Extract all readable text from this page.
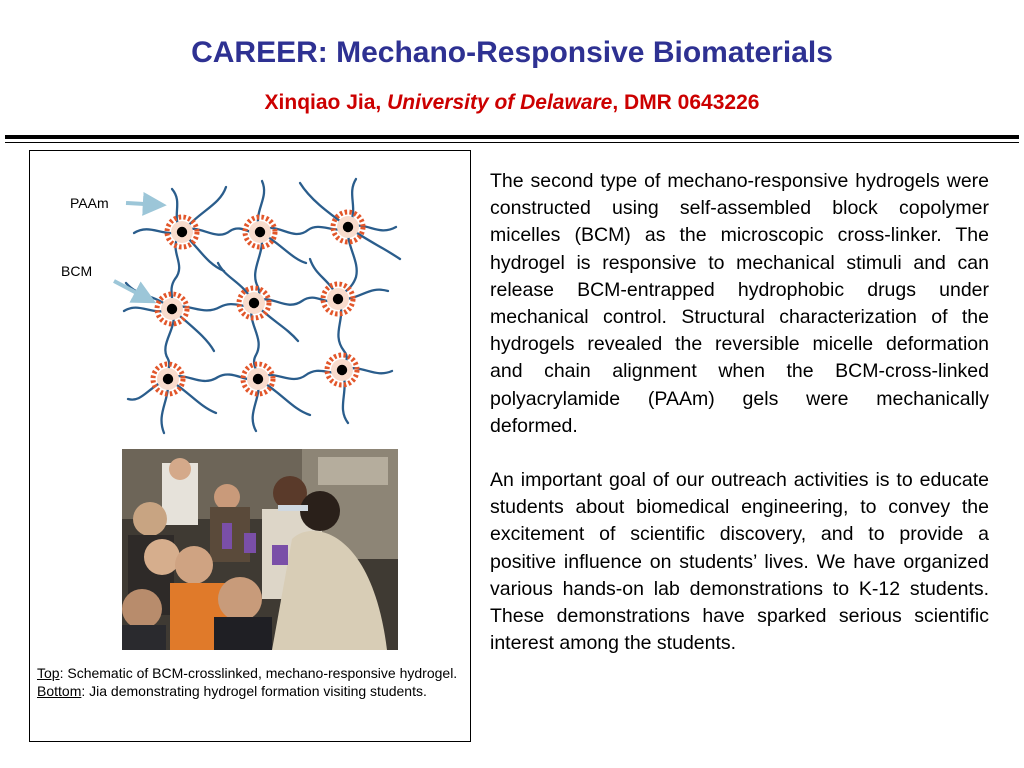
CAREER: Mechano-Responsive Biomaterials
Xinqiao Jia, University of Delaware, DMR 0643226
PAAm
BCM
Top: Schematic of BCM-crosslinked, mechano-responsive hydrogel.
Bottom: Jia demonstrating hydrogel formation visiting students.

The second type of mechano-responsive hydrogels were constructed using self-assembled block copolymer micelles (BCM) as the microscopic cross-linker. The hydrogel is responsive to mechanical stimuli and can release BCM-entrapped hydrophobic drugs under mechanical control. Structural characterization of the hydrogels revealed the reversible micelle deformation and chain alignment when the BCM-cross-linked polyacrylamide (PAAm) gels were mechanically deformed.

An important goal of our outreach activities is to educate students about biomedical engineering, to convey the excitement of scientific discovery, and to provide a positive influence on students’ lives. We have organized various hands-on lab demonstrations to K-12 students. These demonstrations have sparked serious scientific interest among the students.
